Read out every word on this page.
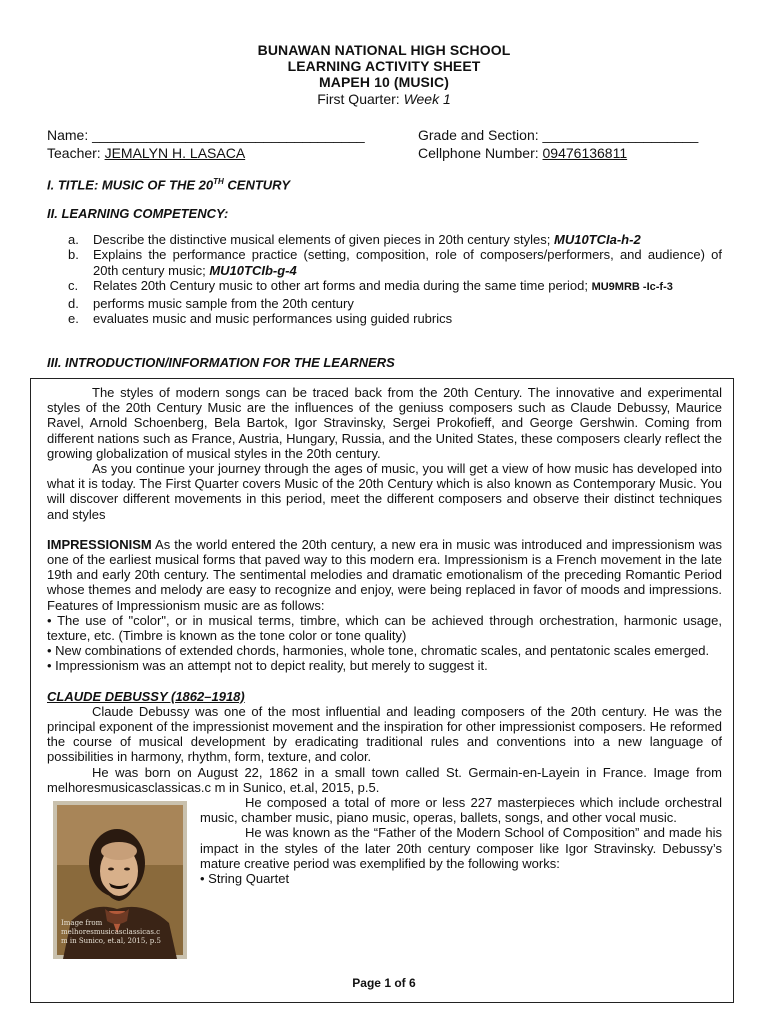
BUNAWAN NATIONAL HIGH SCHOOL
LEARNING ACTIVITY SHEET
MAPEH 10 (MUSIC)
First Quarter: Week 1
Name: ___________________________________	Grade and Section: ____________________
Teacher: JEMALYN H. LASACA	Cellphone Number: 09476136811
I. TITLE: MUSIC OF THE 20TH CENTURY
II. LEARNING COMPETENCY:
a. Describe the distinctive musical elements of given pieces in 20th century styles; MU10TCIa-h-2
b. Explains the performance practice (setting, composition, role of composers/performers, and audience) of 20th century music; MU10TCIb-g-4
c. Relates 20th Century music to other art forms and media during the same time period; MU9MRB -Ic-f-3
d. performs music sample from the 20th century
e. evaluates music and music performances using guided rubrics
III. INTRODUCTION/INFORMATION FOR THE LEARNERS

The styles of modern songs can be traced back from the 20th Century. The innovative and experimental styles of the 20th Century Music are the influences of the geniuss composers such as Claude Debussy, Maurice Ravel, Arnold Schoenberg, Bela Bartok, Igor Stravinsky, Sergei Prokofieff, and George Gershwin. Coming from different nations such as France, Austria, Hungary, Russia, and the United States, these composers clearly reflect the growing globalization of musical styles in the 20th century.

As you continue your journey through the ages of music, you will get a view of how music has developed into what it is today. The First Quarter covers Music of the 20th Century which is also known as Contemporary Music. You will discover different movements in this period, meet the different composers and observe their distinct techniques and styles

IMPRESSIONISM As the world entered the 20th century, a new era in music was introduced and impressionism was one of the earliest musical forms that paved way to this modern era. Impressionism is a French movement in the late 19th and early 20th century. The sentimental melodies and dramatic emotionalism of the preceding Romantic Period whose themes and melody are easy to recognize and enjoy, were being replaced in favor of moods and impressions. Features of Impressionism music are as follows:

• The use of "color", or in musical terms, timbre, which can be achieved through orchestration, harmonic usage, texture, etc. (Timbre is known as the tone color or tone quality)

• New combinations of extended chords, harmonies, whole tone, chromatic scales, and pentatonic scales emerged.

• Impressionism was an attempt not to depict reality, but merely to suggest it.

CLAUDE DEBUSSY (1862–1918)

Claude Debussy was one of the most influential and leading composers of the 20th century. He was the principal exponent of the impressionist movement and the inspiration for other impressionist composers. He reformed the course of musical development by eradicating traditional rules and conventions into a new language of possibilities in harmony, rhythm, form, texture, and color.

He was born on August 22, 1862 in a small town called St. Germain-en-Layein in France. Image from melhoresmusicasclassicas.c m in Sunico, et.al, 2015, p.5.

Image from
melhoresmusicasclassicas.c
m in Sunico, et.al, 2015, p.5

He composed a total of more or less 227 masterpieces which include orchestral music, chamber music, piano music, operas, ballets, songs, and other vocal music.

He was known as the “Father of the Modern School of Composition” and made his impact in the styles of the later 20th century composer like Igor Stravinsky. Debussy’s mature creative period was exemplified by the following works:

• String Quartet

Page 1 of 6
